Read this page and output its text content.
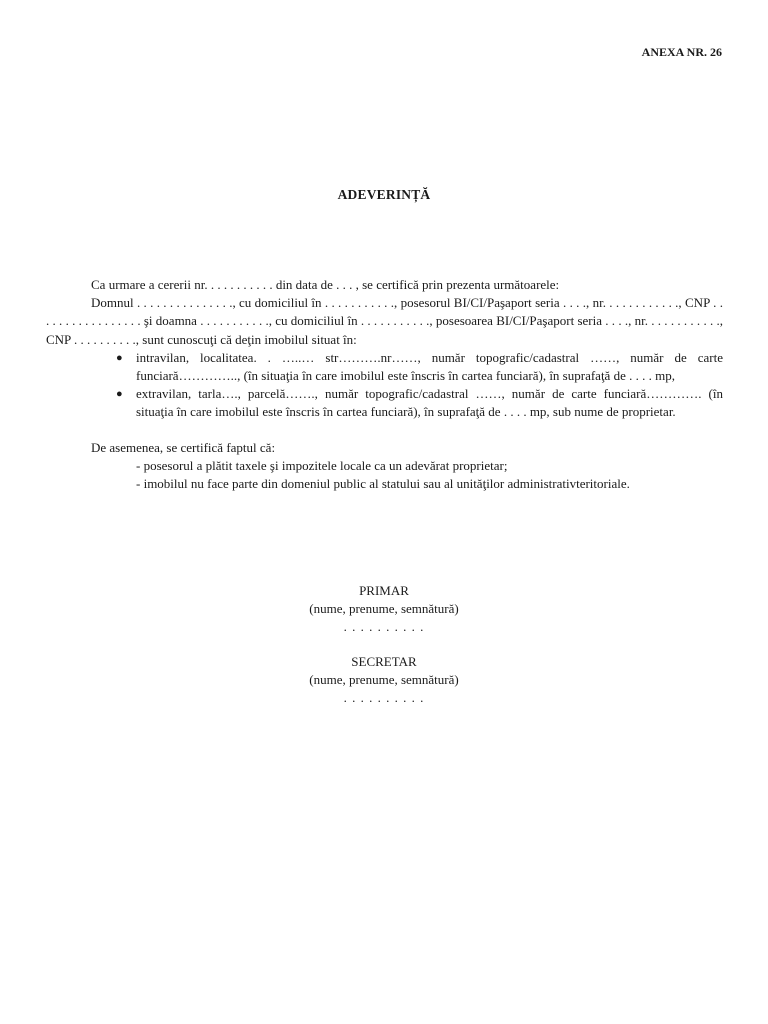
ANEXA NR. 26
ADEVERINȚĂ

Ca urmare a cererii nr. . . . . . . . . . . din data de . . . , se certifică prin prezenta următoarele:

Domnul . . . . . . . . . . . . . . ., cu domiciliul în . . . . . . . . . . ., posesorul BI/CI/Paşaport seria . . . ., nr. . . . . . . . . . . ., CNP . . . . . . . . . . . . . . . . . şi doamna . . . . . . . . . . ., cu domiciliul în . . . . . . . . . . ., posesoarea BI/CI/Paşaport seria . . . ., nr. . . . . . . . . . . ., CNP . . . . . . . . . ., sunt cunoscuţi că deţin imobilul situat în:

● intravilan, localitatea. . …..… str……….nr……, număr topografic/cadastral ……, număr de carte funciară………….., (în situaţia în care imobilul este înscris în cartea funciară), în suprafaţă de . . . . mp,
● extravilan, tarla…., parcelă……., număr topografic/cadastral ……, număr de carte funciară…………. (în situaţia în care imobilul este înscris în cartea funciară), în suprafaţă de . . . . mp, sub nume de proprietar.

De asemenea, se certifică faptul că:

- posesorul a plătit taxele şi impozitele locale ca un adevărat proprietar;

- imobilul nu face parte din domeniul public al statului sau al unităţilor administrativteritoriale.

PRIMAR
(nume, prenume, semnătură)
. . . . . . . . . .
SECRETAR
(nume, prenume, semnătură)
. . . . . . . . . .
